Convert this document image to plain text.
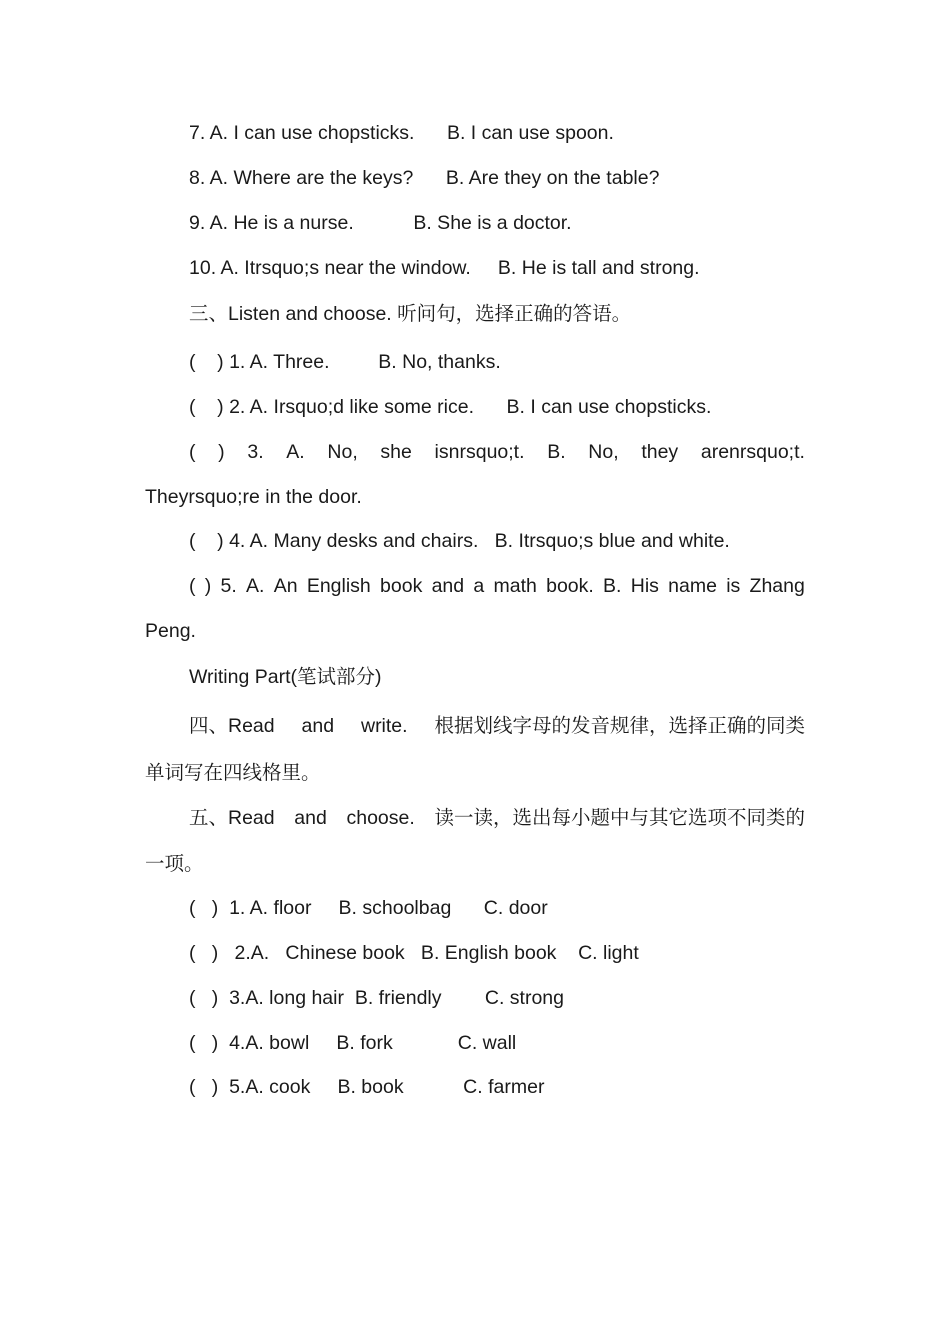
7. A. I can use chopsticks.      B. I can use spoon.
8. A. Where are the keys?      B. Are they on the table?
9. A. He is a nurse.           B. She is a doctor.
10. A. Itrsquo;s near the window.     B. He is tall and strong.
三、Listen and choose. 听问句，选择正确的答语。
(    ) 1. A. Three.         B. No, thanks.
(    ) 2. A. Irsquo;d like some rice.      B. I can use chopsticks.
( ) 3. A. No, she isnrsquo;t. B. No, they arenrsquo;t.
Theyrsquo;re in the door.
(    ) 4. A. Many desks and chairs.   B. Itrsquo;s blue and white.
( ) 5. A. An English book and a math book. B. His name is Zhang
Peng.
Writing Part(笔试部分)
四、Read and write. 根据划线字母的发音规律，选择正确的同类
单词写在四线格里。
五、Read and choose. 读一读，选出每小题中与其它选项不同类的
一项。
(   )  1. A. floor     B. schoolbag      C. door
(   )   2.A.   Chinese book   B. English book    C. light
(   )  3.A. long hair  B. friendly        C. strong
(   )  4.A. bowl     B. fork            C. wall
(   )  5.A. cook     B. book           C. farmer
